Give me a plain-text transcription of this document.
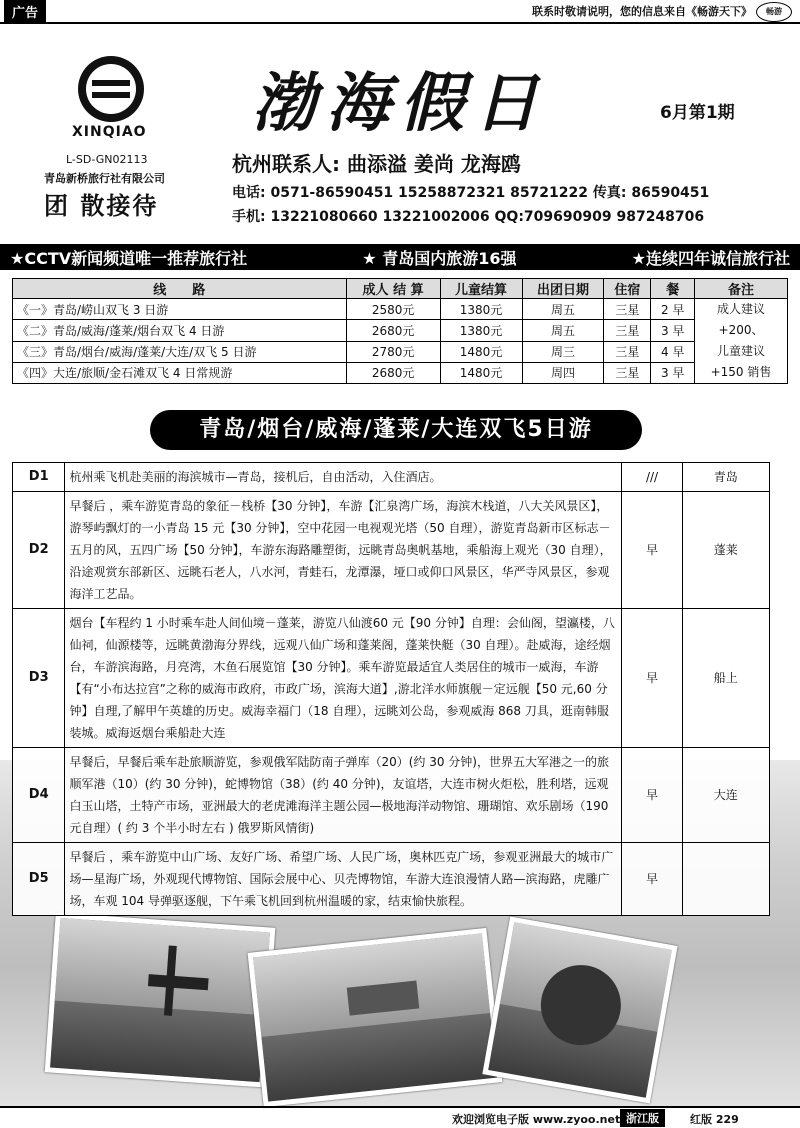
广告	联系时敬请说明，您的信息来自《畅游天下》	畅游
XINQIAO
L-SD-GN02113
青岛新桥旅行社有限公司
团 散接待
渤海假日	6月第1期
杭州联系人: 曲添溢 姜尚 龙海鸥
电话: 0571-86590451 15258872321 85721222 传真: 86590451
手机: 13221080660 13221002006 QQ:709690909 987248706
★CCTV新闻频道唯一推荐旅行社	★ 青岛国内旅游16强	★连续四年诚信旅行社
线　　路	成人 结 算	儿童结算	出团日期	住宿	餐	备注
《一》青岛/崂山双飞 3 日游	2580元	1380元	周五	三星	2 早	成人建议
+200、
儿童建议
+150 销售

《二》青岛/威海/蓬莱/烟台双飞 4 日游	2680元	1380元	周五	三星	3 早	
《三》青岛/烟台/威海/蓬莱/大连/双飞 5 日游	2780元	1480元	周三	三星	4 早	
《四》大连/旅顺/金石滩双飞 4 日常规游	2680元	1480元	周四	三星	3 早	
青岛/烟台/威海/蓬莱/大连双飞5日游
D1	杭州乘飞机赴美丽的海滨城市—青岛，接机后，自由活动，入住酒店。	///	青岛
D2	早餐后 ，乘车游览青岛的象征－栈桥【30 分钟】，车游【汇泉湾广场，海滨木栈道，八大关风景区】，游琴屿飘灯的一小青岛 15 元【30 分钟】，空中花园一电视观光塔（50 自理），游览青岛新市区标志－五月的风，五四广场【50 分钟】，车游东海路雕塑街，远眺青岛奥帆基地，乘船海上观光（30 自理），沿途观赏东部新区、远眺石老人，八水河，青蛙石，龙潭瀑，垭口或仰口风景区，华严寺风景区，参观海洋工艺品。	早	蓬莱
D3	烟台【车程约 1 小时乘车赴人间仙境－蓬莱，游览八仙渡60 元【90 分钟】自理：会仙阁，望瀛楼，八仙祠，仙源楼等，远眺黄渤海分界线，远观八仙广场和蓬莱阁，蓬莱快艇（30 自理）。赴威海，途经烟台，车游滨海路，月亮湾，木鱼石展览馆【30 分钟】。乘车游览最适宜人类居住的城市一威海，车游【有“小布达拉宫”之称的威海市政府，市政广场，滨海大道】,游北洋水师旗舰－定远舰【50 元,60 分钟】自理,了解甲午英雄的历史。威海幸福门（18 自理），远眺刘公岛，参观威海 868 刀具，逛南韩服装城。威海返烟台乘船赴大连	早	船上
D4	早餐后，早餐后乘车赴旅顺游览，参观俄军陆防南子弹库（20）(约 30 分钟)，世界五大军港之一的旅顺军港（10）(约 30 分钟)，蛇博物馆（38）(约 40 分钟)，友谊塔，大连市树火炬松，胜利塔，远观白玉山塔，土特产市场，亚洲最大的老虎滩海洋主题公园—极地海洋动物馆、珊瑚馆、欢乐剧场（190 元自理）( 约 3 个半小时左右 ) 俄罗斯风情街)	早	大连
D5	早餐后 ，乘车游览中山广场、友好广场、希望广场、人民广场，奥林匹克广场，参观亚洲最大的城市广场—星海广场，外观现代博物馆、国际会展中心、贝壳博物馆，车游大连浪漫情人路—滨海路，虎雕广场，车观 104 导弹驱逐舰，下午乘飞机回到杭州温暖的家，结束愉快旅程。	早	
欢迎浏览电子版 www.zyoo.net 浙江版	红版 229
